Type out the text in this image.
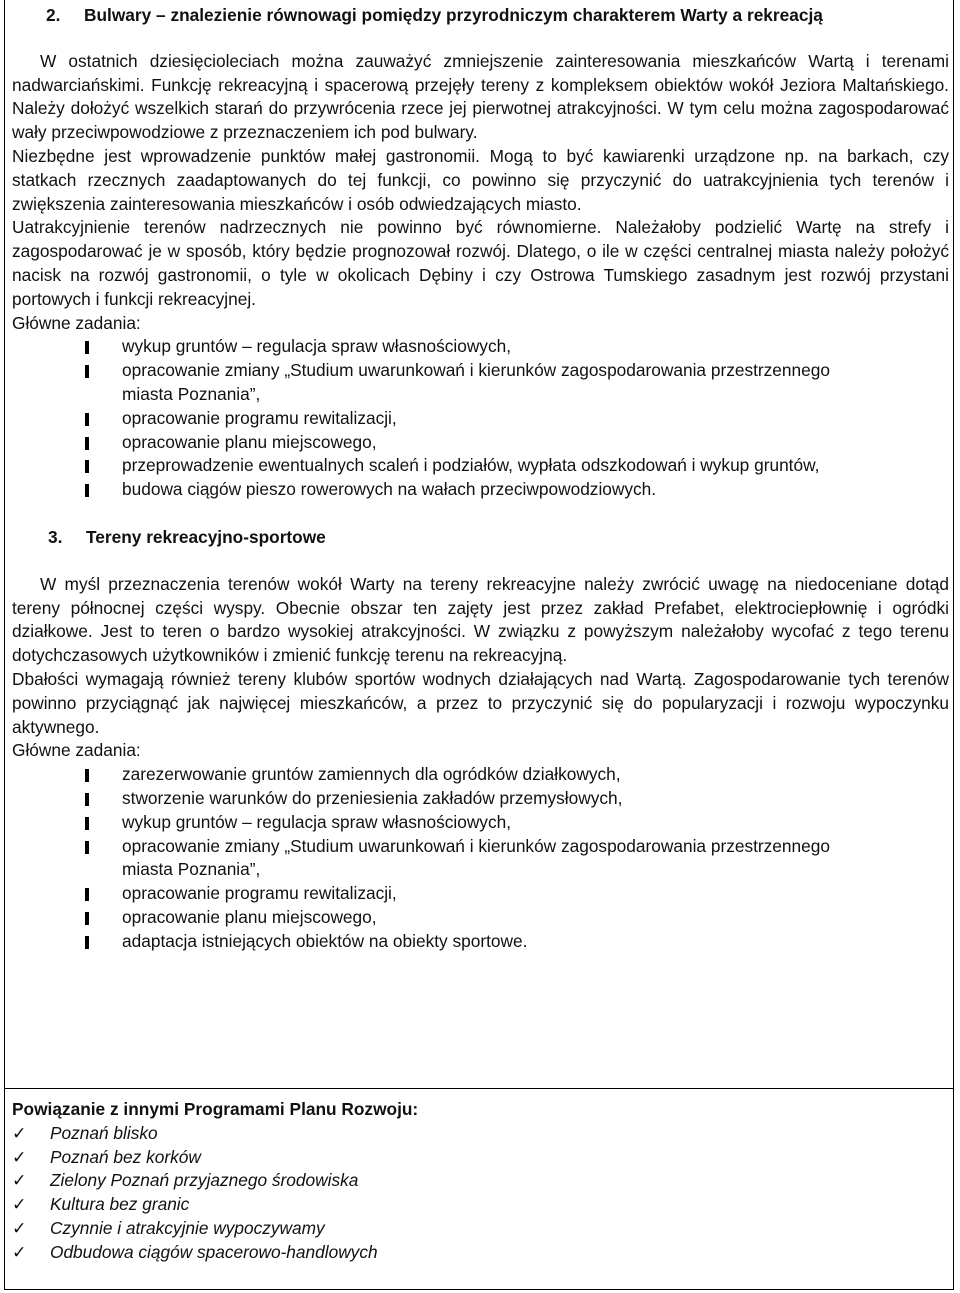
2.	Bulwary – znalezienie równowagi pomiędzy przyrodniczym charakterem Warty a rekreacją

W ostatnich dziesięcioleciach można zauważyć zmniejszenie zainteresowania mieszkańców Wartą i terenami nadwarciańskimi. Funkcję rekreacyjną i spacerową przejęły tereny z kompleksem obiektów wokół Jeziora Maltańskiego. Należy dołożyć wszelkich starań do przywrócenia rzece jej pierwotnej atrakcyjności. W tym celu można zagospodarować wały przeciwpowodziowe z przeznaczeniem ich pod bulwary.

Niezbędne jest wprowadzenie punktów małej gastronomii. Mogą to być kawiarenki urządzone np. na barkach, czy statkach rzecznych zaadaptowanych do tej funkcji, co powinno się przyczynić do uatrakcyjnienia tych terenów i zwiększenia zainteresowania mieszkańców i osób odwiedzających miasto.

Uatrakcyjnienie terenów nadrzecznych nie powinno być równomierne. Należałoby podzielić Wartę na strefy i zagospodarować je w sposób, który będzie prognozował rozwój. Dlatego, o ile w części centralnej miasta należy położyć nacisk na rozwój gastronomii, o tyle w okolicach Dębiny i czy Ostrowa Tumskiego zasadnym jest rozwój przystani portowych i funkcji rekreacyjnej.

Główne zadania:

wykup gruntów – regulacja spraw własnościowych,
opracowanie zmiany „Studium uwarunkowań i kierunków zagospodarowania przestrzennego miasta Poznania”,
opracowanie programu rewitalizacji,
opracowanie planu miejscowego,
przeprowadzenie ewentualnych scaleń i podziałów, wypłata odszkodowań i wykup gruntów,
budowa ciągów pieszo rowerowych na wałach przeciwpowodziowych.
3.	Tereny rekreacyjno-sportowe

W myśl przeznaczenia terenów wokół Warty na tereny rekreacyjne należy zwrócić uwagę na niedoceniane dotąd tereny północnej części wyspy. Obecnie obszar ten zajęty jest przez zakład Prefabet, elektrociepłownię i ogródki działkowe. Jest to teren o bardzo wysokiej atrakcyjności. W związku z powyższym należałoby wycofać z tego terenu dotychczasowych użytkowników i zmienić funkcję terenu na rekreacyjną.

Dbałości wymagają również tereny klubów sportów wodnych działających nad Wartą. Zagospodarowanie tych terenów powinno przyciągnąć jak najwięcej mieszkańców, a przez to przyczynić się do popularyzacji i rozwoju wypoczynku aktywnego.

Główne zadania:

zarezerwowanie gruntów zamiennych dla ogródków działkowych,
stworzenie warunków do przeniesienia zakładów przemysłowych,
wykup gruntów – regulacja spraw własnościowych,
opracowanie zmiany „Studium uwarunkowań i kierunków zagospodarowania przestrzennego miasta Poznania”,
opracowanie programu rewitalizacji,
opracowanie planu miejscowego,
adaptacja istniejących obiektów na obiekty sportowe.

Powiązanie z innymi Programami Planu Rozwoju:

✓	Poznań blisko
✓	Poznań bez korków
✓	Zielony Poznań przyjaznego środowiska
✓	Kultura bez granic
✓	Czynnie i atrakcyjnie wypoczywamy
✓	Odbudowa ciągów spacerowo-handlowych
